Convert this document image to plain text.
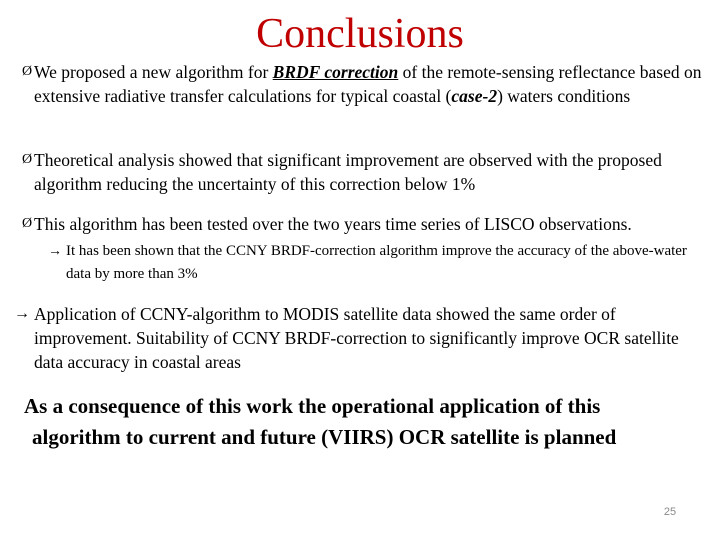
Conclusions
Ø We proposed a new algorithm for BRDF correction of the remote-sensing reflectance based on extensive radiative transfer calculations for typical coastal (case-2) waters conditions
Ø Theoretical analysis showed that significant improvement are observed with the proposed algorithm reducing the uncertainty of this correction below 1%
Ø This algorithm has been tested over the two years time series of LISCO observations.
→ It has been shown that the CCNY BRDF-correction algorithm improve the accuracy of the above-water data by more than 3%
→ Application of CCNY-algorithm to MODIS satellite data showed the same order of improvement. Suitability of CCNY BRDF-correction to significantly improve OCR satellite data accuracy in coastal areas
As a consequence of this work the operational application of this
algorithm to current and future (VIIRS) OCR satellite is planned
25
